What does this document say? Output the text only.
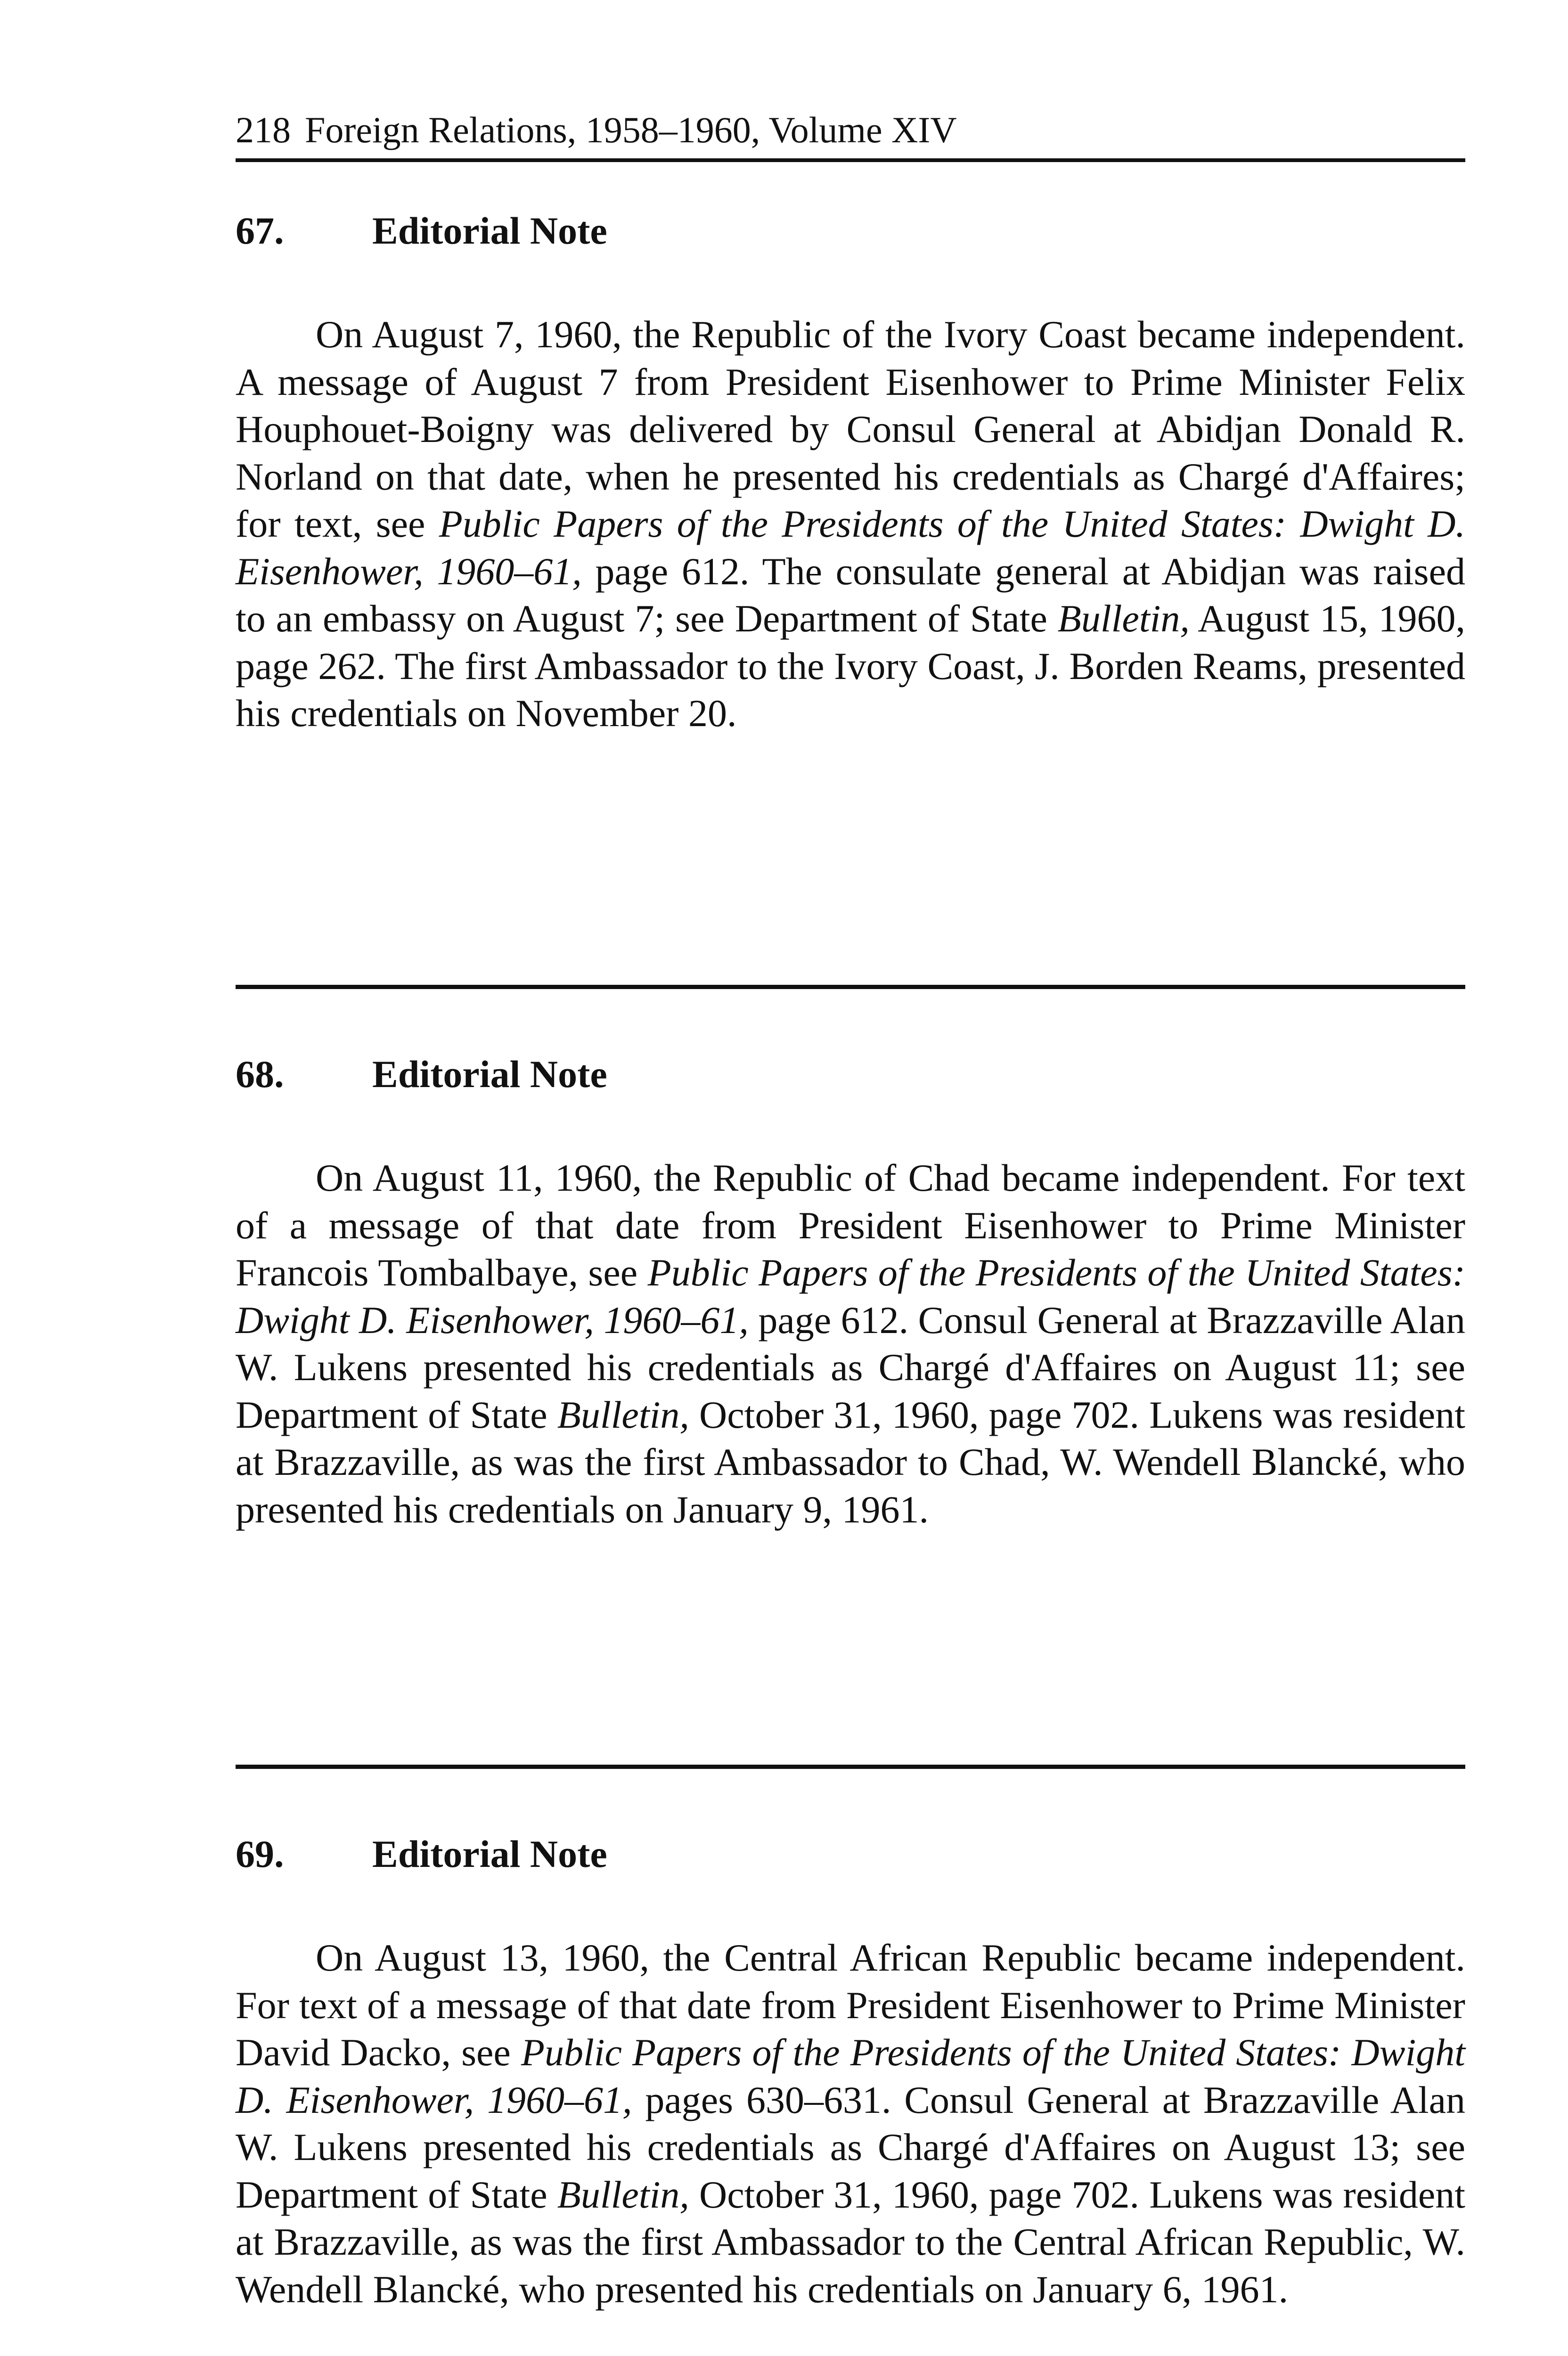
218 Foreign Relations, 1958–1960, Volume XIV
67. Editorial Note

On August 7, 1960, the Republic of the Ivory Coast became independent. A message of August 7 from President Eisenhower to Prime Minister Felix Houphouet-Boigny was delivered by Consul General at Abidjan Donald R. Norland on that date, when he presented his credentials as Chargé d'Affaires; for text, see Public Papers of the Presidents of the United States: Dwight D. Eisenhower, 1960–61, page 612. The consulate general at Abidjan was raised to an embassy on August 7; see Department of State Bulletin, August 15, 1960, page 262. The first Ambassador to the Ivory Coast, J. Borden Reams, presented his credentials on November 20.

68. Editorial Note

On August 11, 1960, the Republic of Chad became independent. For text of a message of that date from President Eisenhower to Prime Minister Francois Tombalbaye, see Public Papers of the Presidents of the United States: Dwight D. Eisenhower, 1960–61, page 612. Consul General at Brazzaville Alan W. Lukens presented his credentials as Chargé d'Affaires on August 11; see Department of State Bulletin, October 31, 1960, page 702. Lukens was resident at Brazzaville, as was the first Ambassador to Chad, W. Wendell Blancké, who presented his credentials on January 9, 1961.

69. Editorial Note

On August 13, 1960, the Central African Republic became independent. For text of a message of that date from President Eisenhower to Prime Minister David Dacko, see Public Papers of the Presidents of the United States: Dwight D. Eisenhower, 1960–61, pages 630–631. Consul General at Brazzaville Alan W. Lukens presented his credentials as Chargé d'Affaires on August 13; see Department of State Bulletin, October 31, 1960, page 702. Lukens was resident at Brazzaville, as was the first Ambassador to the Central African Republic, W. Wendell Blancké, who presented his credentials on January 6, 1961.
